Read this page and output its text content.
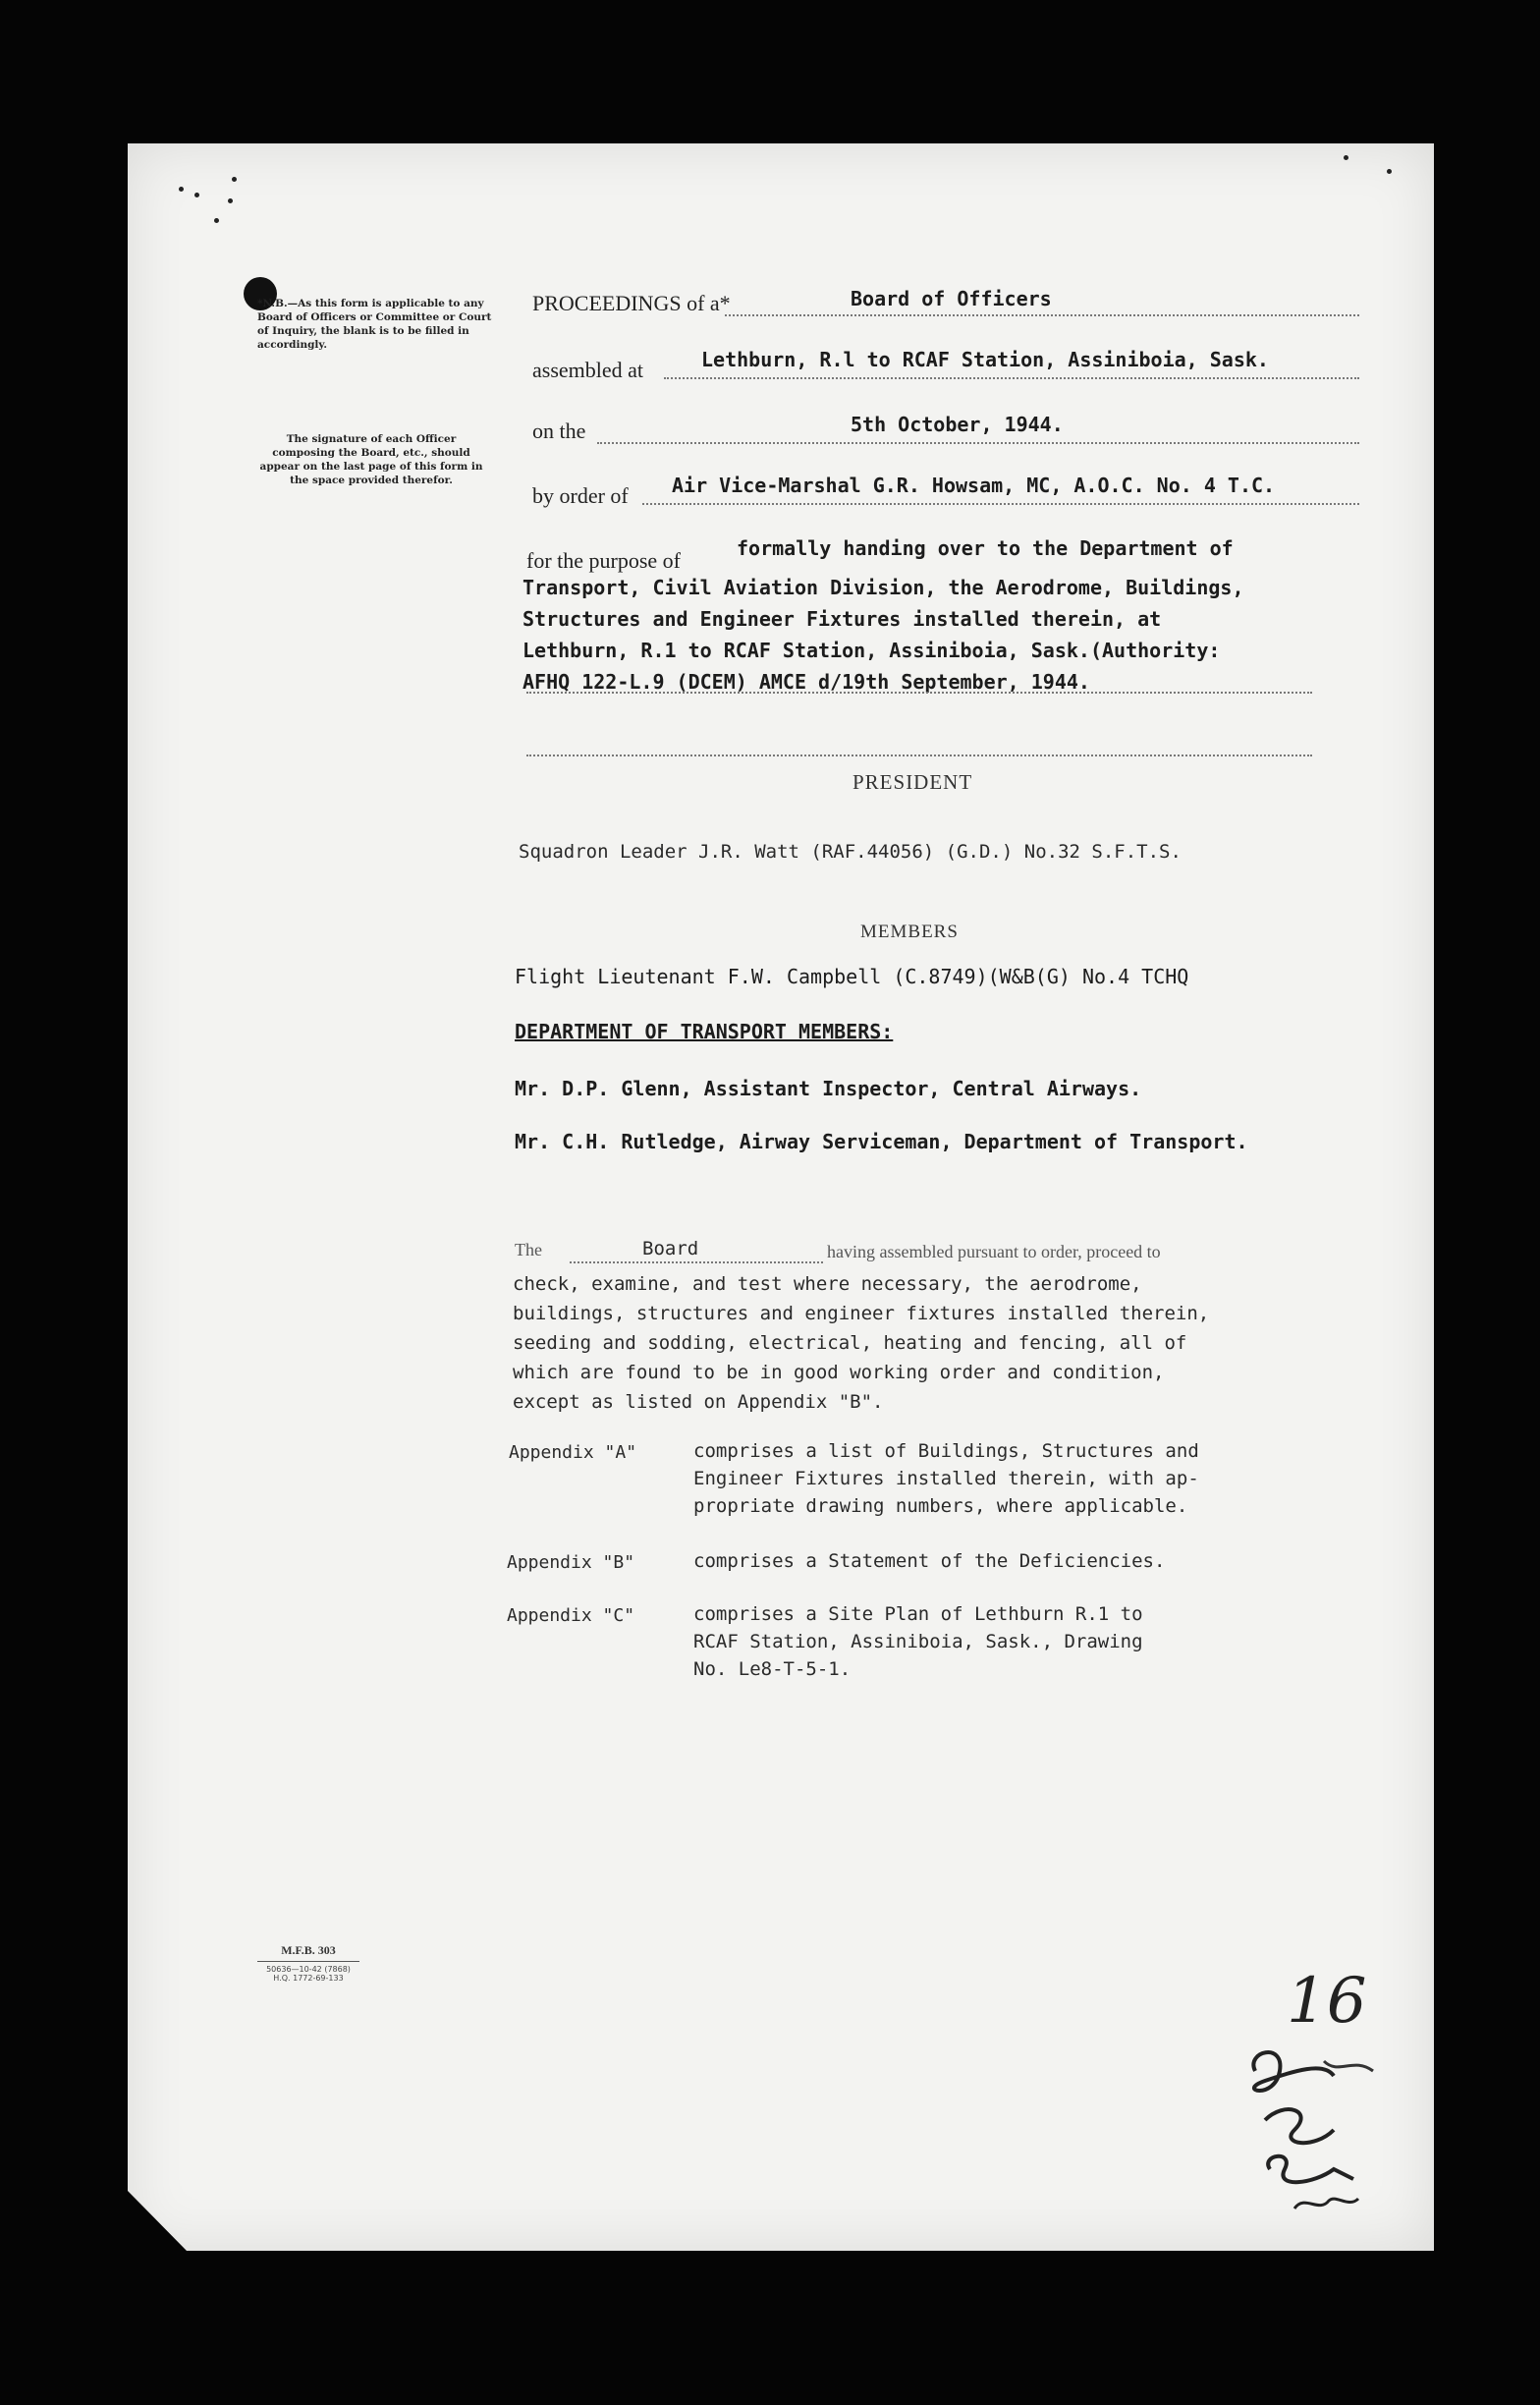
*N.B.—As this form is applicable to any Board of Officers or Committee or Court of Inquiry, the blank is to be filled in accordingly.
The signature of each Officer composing the Board, etc., should appear on the last page of this form in the space provided therefor.
PROCEEDINGS of a*	Board of Officers
assembled at	Lethburn, R.l to RCAF Station, Assiniboia, Sask.
on the	5th October, 1944.
by order of Air Vice-Marshal G.R. Howsam, MC, A.O.C. No. 4 T.C.
for the purpose of	formally handing over to the Department of
Transport, Civil Aviation Division, the Aerodrome, Buildings,
Structures and Engineer Fixtures installed therein, at
Lethburn, R.1 to RCAF Station, Assiniboia, Sask.(Authority:
AFHQ 122-L.9 (DCEM) AMCE d/19th September, 1944.
PRESIDENT
Squadron Leader J.R. Watt (RAF.44056) (G.D.) No.32 S.F.T.S.
MEMBERS
Flight Lieutenant F.W. Campbell (C.8749)(W&B(G) No.4 TCHQ
DEPARTMENT OF TRANSPORT MEMBERS:
Mr. D.P. Glenn, Assistant Inspector, Central Airways.
Mr. C.H. Rutledge, Airway Serviceman, Department of Transport.
The	Board	having assembled pursuant to order, proceed to
check, examine, and test where necessary, the aerodrome,
buildings, structures and engineer fixtures installed therein,
seeding and sodding, electrical, heating and fencing, all of
which are found to be in good working order and condition,
except as listed on Appendix "B".
Appendix "A"	comprises a list of Buildings, Structures and
Engineer Fixtures installed therein, with ap-
propriate drawing numbers, where applicable.
Appendix "B"	comprises a Statement of the Deficiencies.
Appendix "C"	comprises a Site Plan of Lethburn R.1 to
RCAF Station, Assiniboia, Sask., Drawing
No. Le8-T-5-1.
M.F.B. 303
50636—10-42 (7868)
H.Q. 1772-69-133	16
